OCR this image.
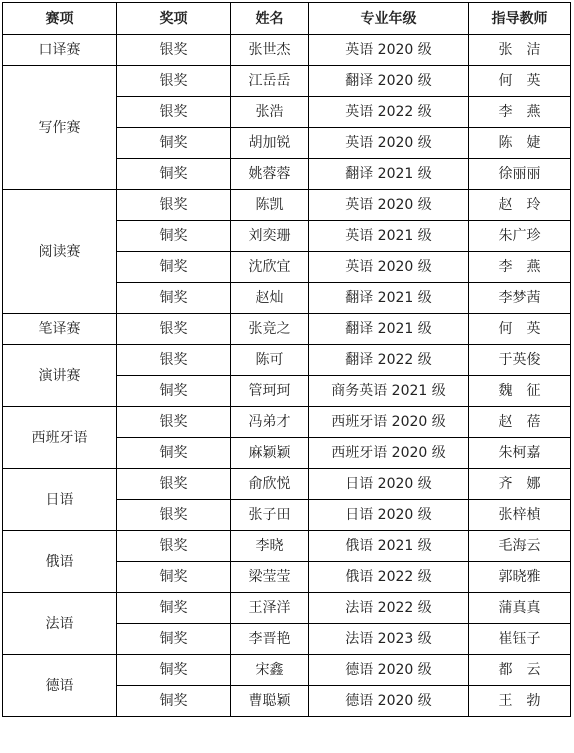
赛项	奖项	姓名	专业年级	指导教师
口译赛	银奖	张世杰	英语 2020 级	张　洁
写作赛	银奖	江岳岳	翻译 2020 级	何　英
	银奖	张浩	英语 2022 级	李　燕
	铜奖	胡加锐	英语 2020 级	陈　婕
	铜奖	姚蓉蓉	翻译 2021 级	徐丽丽
阅读赛	银奖	陈凯	英语 2020 级	赵　玲
	铜奖	刘奕珊	英语 2021 级	朱广珍
	铜奖	沈欣宜	英语 2020 级	李　燕
	铜奖	赵灿	翻译 2021 级	李梦茜
笔译赛	银奖	张竞之	翻译 2021 级	何　英
演讲赛	银奖	陈可	翻译 2022 级	于英俊
	铜奖	管珂珂	商务英语 2021 级	魏　征
西班牙语	银奖	冯弟才	西班牙语 2020 级	赵　蓓
	铜奖	麻颖颖	西班牙语 2020 级	朱柯嘉
日语	银奖	俞欣悦	日语 2020 级	齐　娜
	银奖	张子田	日语 2020 级	张梓楨
俄语	银奖	李晓	俄语 2021 级	毛海云
	铜奖	梁莹莹	俄语 2022 级	郭晓雅
法语	铜奖	王泽洋	法语 2022 级	蒲真真
	铜奖	李晋艳	法语 2023 级	崔钰子
德语	铜奖	宋鑫	德语 2020 级	都　云
	铜奖	曹聪颖	德语 2020 级	王　勃
